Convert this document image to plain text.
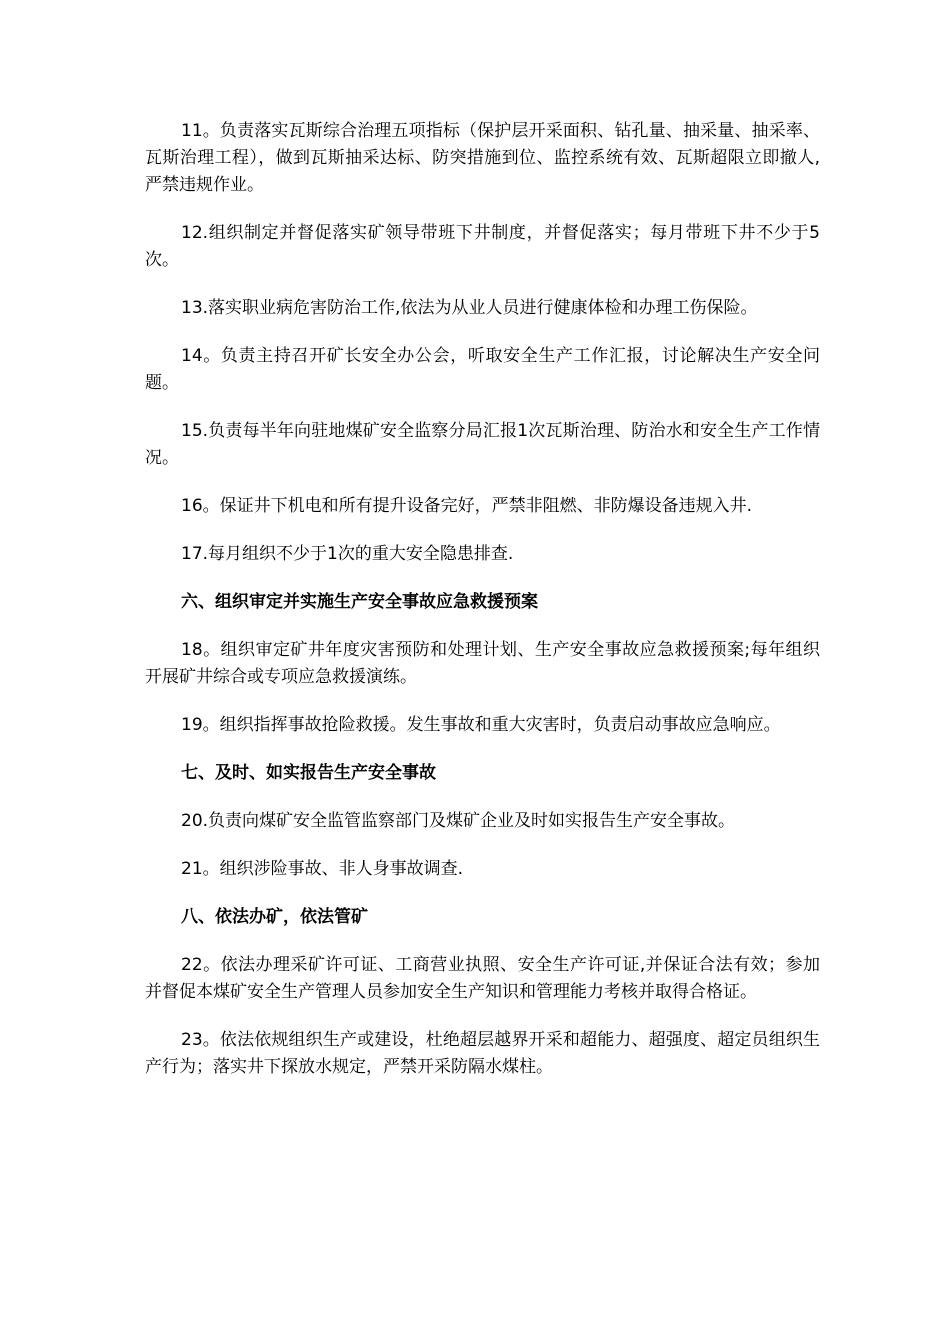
11。负责落实瓦斯综合治理五项指标（保护层开采面积、钻孔量、抽采量、抽采率、瓦斯治理工程），做到瓦斯抽采达标、防突措施到位、监控系统有效、瓦斯超限立即撤人,严禁违规作业。

12.组织制定并督促落实矿领导带班下井制度，并督促落实；每月带班下井不少于5次。

13.落实职业病危害防治工作,依法为从业人员进行健康体检和办理工伤保险。

14。负责主持召开矿长安全办公会，听取安全生产工作汇报，讨论解决生产安全问题。

15.负责每半年向驻地煤矿安全监察分局汇报1次瓦斯治理、防治水和安全生产工作情况。

16。保证井下机电和所有提升设备完好，严禁非阻燃、非防爆设备违规入井.

17.每月组织不少于1次的重大安全隐患排查.

六、组织审定并实施生产安全事故应急救援预案

18。组织审定矿井年度灾害预防和处理计划、生产安全事故应急救援预案;每年组织开展矿井综合或专项应急救援演练。

19。组织指挥事故抢险救援。发生事故和重大灾害时，负责启动事故应急响应。

七、及时、如实报告生产安全事故

20.负责向煤矿安全监管监察部门及煤矿企业及时如实报告生产安全事故。

21。组织涉险事故、非人身事故调查.

八、依法办矿，依法管矿

22。依法办理采矿许可证、工商营业执照、安全生产许可证,并保证合法有效；参加并督促本煤矿安全生产管理人员参加安全生产知识和管理能力考核并取得合格证。

23。依法依规组织生产或建设，杜绝超层越界开采和超能力、超强度、超定员组织生产行为；落实井下探放水规定，严禁开采防隔水煤柱。
